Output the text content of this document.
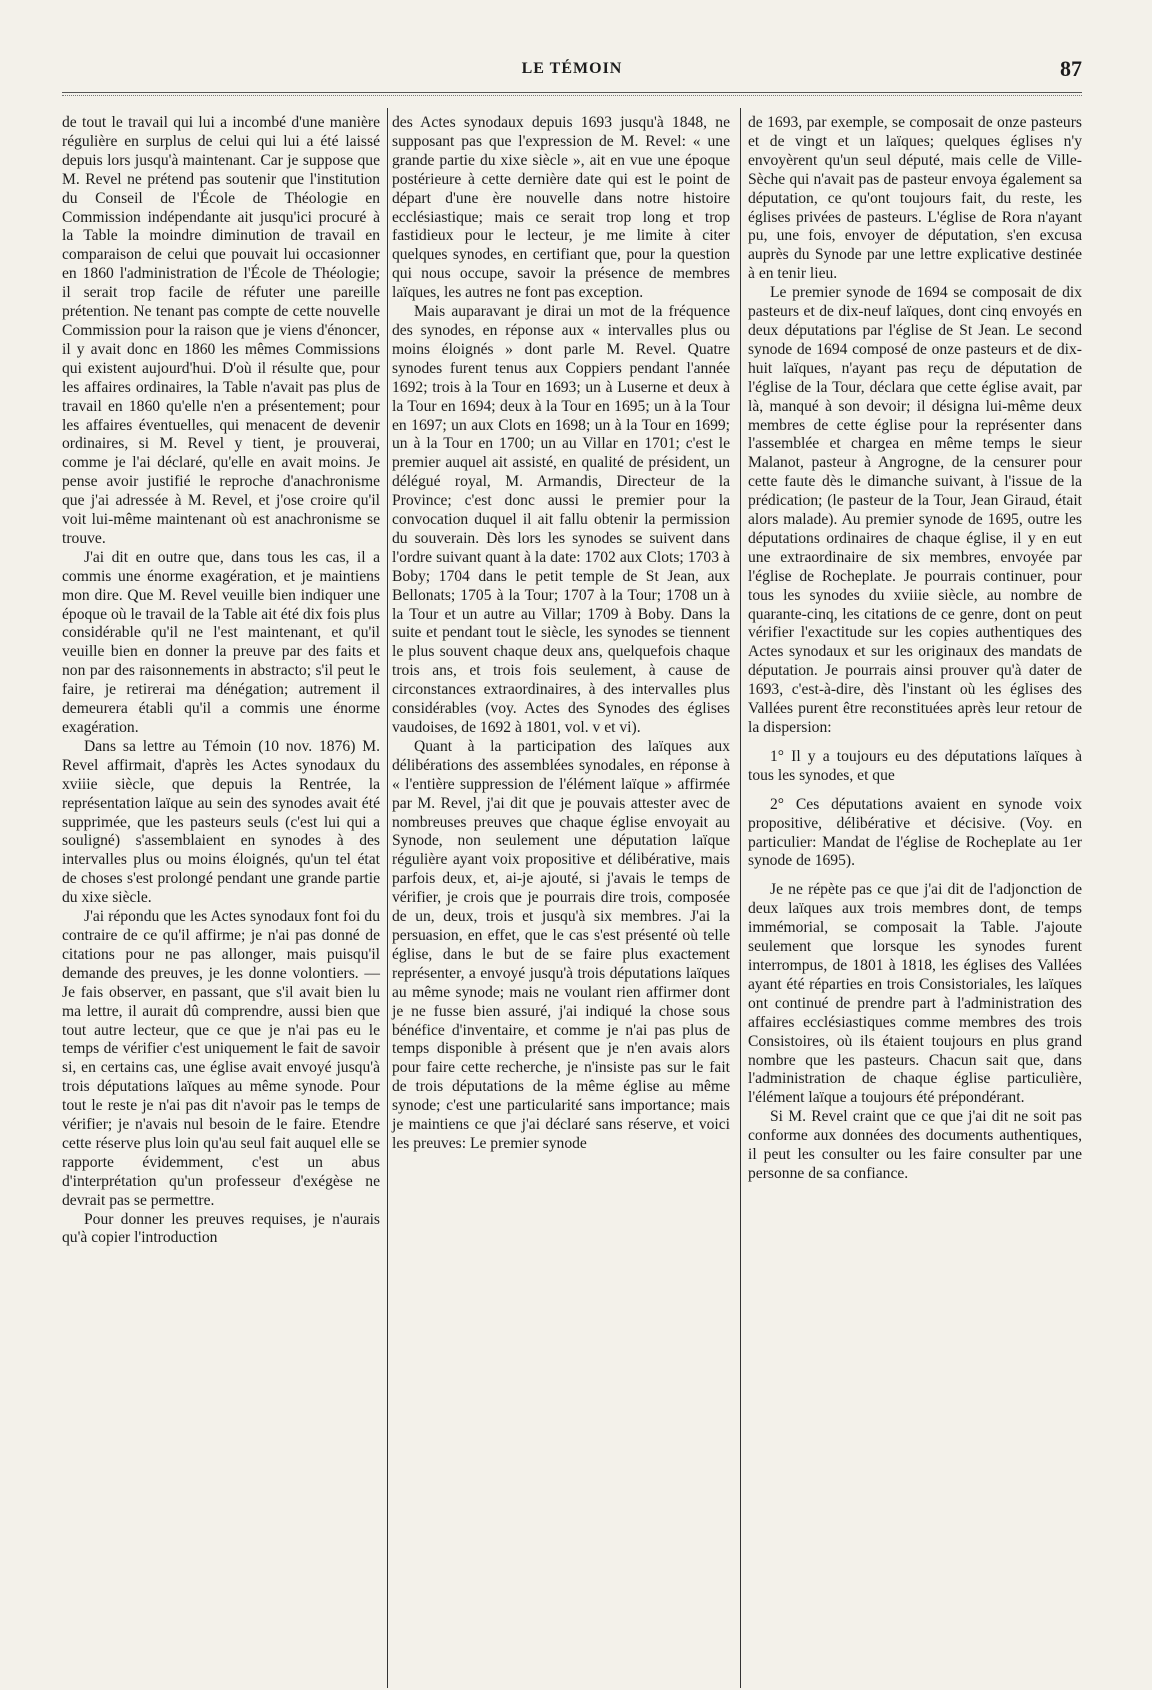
LE TÉMOIN	87

de tout le travail qui lui a incombé d'une manière régulière en surplus de celui qui lui a été laissé depuis lors jusqu'à maintenant. Car je suppose que M. Revel ne prétend pas soutenir que l'institution du Conseil de l'École de Théologie en Commission indépendante ait jusqu'ici procuré à la Table la moindre diminution de travail en comparaison de celui que pouvait lui occasionner en 1860 l'administration de l'École de Théologie; il serait trop facile de réfuter une pareille prétention. Ne tenant pas compte de cette nouvelle Commission pour la raison que je viens d'énoncer, il y avait donc en 1860 les mêmes Commissions qui existent aujourd'hui. D'où il résulte que, pour les affaires ordinaires, la Table n'avait pas plus de travail en 1860 qu'elle n'en a présentement; pour les affaires éventuelles, qui menacent de devenir ordinaires, si M. Revel y tient, je prouverai, comme je l'ai déclaré, qu'elle en avait moins. Je pense avoir justifié le reproche d'anachronisme que j'ai adressée à M. Revel, et j'ose croire qu'il voit lui-même maintenant où est anachronisme se trouve.

J'ai dit en outre que, dans tous les cas, il a commis une énorme exagération, et je maintiens mon dire. Que M. Revel veuille bien indiquer une époque où le travail de la Table ait été dix fois plus considérable qu'il ne l'est maintenant, et qu'il veuille bien en donner la preuve par des faits et non par des raisonnements in abstracto; s'il peut le faire, je retirerai ma dénégation; autrement il demeurera établi qu'il a commis une énorme exagération.

Dans sa lettre au Témoin (10 nov. 1876) M. Revel affirmait, d'après les Actes synodaux du xviiie siècle, que depuis la Rentrée, la représentation laïque au sein des synodes avait été supprimée, que les pasteurs seuls (c'est lui qui a souligné) s'assemblaient en synodes à des intervalles plus ou moins éloignés, qu'un tel état de choses s'est prolongé pendant une grande partie du xixe siècle.

J'ai répondu que les Actes synodaux font foi du contraire de ce qu'il affirme; je n'ai pas donné de citations pour ne pas allonger, mais puisqu'il demande des preuves, je les donne volontiers. — Je fais observer, en passant, que s'il avait bien lu ma lettre, il aurait dû comprendre, aussi bien que tout autre lecteur, que ce que je n'ai pas eu le temps de vérifier c'est uniquement le fait de savoir si, en certains cas, une église avait envoyé jusqu'à trois députations laïques au même synode. Pour tout le reste je n'ai pas dit n'avoir pas le temps de vérifier; je n'avais nul besoin de le faire. Etendre cette réserve plus loin qu'au seul fait auquel elle se rapporte évidemment, c'est un abus d'interprétation qu'un professeur d'exégèse ne devrait pas se permettre.

Pour donner les preuves requises, je n'aurais qu'à copier l'introduction

des Actes synodaux depuis 1693 jusqu'à 1848, ne supposant pas que l'expression de M. Revel: « une grande partie du xixe siècle », ait en vue une époque postérieure à cette dernière date qui est le point de départ d'une ère nouvelle dans notre histoire ecclésiastique; mais ce serait trop long et trop fastidieux pour le lecteur, je me limite à citer quelques synodes, en certifiant que, pour la question qui nous occupe, savoir la présence de membres laïques, les autres ne font pas exception.

Mais auparavant je dirai un mot de la fréquence des synodes, en réponse aux « intervalles plus ou moins éloignés » dont parle M. Revel. Quatre synodes furent tenus aux Coppiers pendant l'année 1692; trois à la Tour en 1693; un à Luserne et deux à la Tour en 1694; deux à la Tour en 1695; un à la Tour en 1697; un aux Clots en 1698; un à la Tour en 1699; un à la Tour en 1700; un au Villar en 1701; c'est le premier auquel ait assisté, en qualité de président, un délégué royal, M. Armandis, Directeur de la Province; c'est donc aussi le premier pour la convocation duquel il ait fallu obtenir la permission du souverain. Dès lors les synodes se suivent dans l'ordre suivant quant à la date: 1702 aux Clots; 1703 à Boby; 1704 dans le petit temple de St Jean, aux Bellonats; 1705 à la Tour; 1707 à la Tour; 1708 un à la Tour et un autre au Villar; 1709 à Boby. Dans la suite et pendant tout le siècle, les synodes se tiennent le plus souvent chaque deux ans, quelquefois chaque trois ans, et trois fois seulement, à cause de circonstances extraordinaires, à des intervalles plus considérables (voy. Actes des Synodes des églises vaudoises, de 1692 à 1801, vol. v et vi).

Quant à la participation des laïques aux délibérations des assemblées synodales, en réponse à « l'entière suppression de l'élément laïque » affirmée par M. Revel, j'ai dit que je pouvais attester avec de nombreuses preuves que chaque église envoyait au Synode, non seulement une députation laïque régulière ayant voix propositive et délibérative, mais parfois deux, et, ai-je ajouté, si j'avais le temps de vérifier, je crois que je pourrais dire trois, composée de un, deux, trois et jusqu'à six membres. J'ai la persuasion, en effet, que le cas s'est présenté où telle église, dans le but de se faire plus exactement représenter, a envoyé jusqu'à trois députations laïques au même synode; mais ne voulant rien affirmer dont je ne fusse bien assuré, j'ai indiqué la chose sous bénéfice d'inventaire, et comme je n'ai pas plus de temps disponible à présent que je n'en avais alors pour faire cette recherche, je n'insiste pas sur le fait de trois députations de la même église au même synode; c'est une particularité sans importance; mais je maintiens ce que j'ai déclaré sans réserve, et voici les preuves: Le premier synode

de 1693, par exemple, se composait de onze pasteurs et de vingt et un laïques; quelques églises n'y envoyèrent qu'un seul député, mais celle de Ville-Sèche qui n'avait pas de pasteur envoya également sa députation, ce qu'ont toujours fait, du reste, les églises privées de pasteurs. L'église de Rora n'ayant pu, une fois, envoyer de députation, s'en excusa auprès du Synode par une lettre explicative destinée à en tenir lieu.

Le premier synode de 1694 se composait de dix pasteurs et de dix-neuf laïques, dont cinq envoyés en deux députations par l'église de St Jean. Le second synode de 1694 composé de onze pasteurs et de dix-huit laïques, n'ayant pas reçu de députation de l'église de la Tour, déclara que cette église avait, par là, manqué à son devoir; il désigna lui-même deux membres de cette église pour la représenter dans l'assemblée et chargea en même temps le sieur Malanot, pasteur à Angrogne, de la censurer pour cette faute dès le dimanche suivant, à l'issue de la prédication; (le pasteur de la Tour, Jean Giraud, était alors malade). Au premier synode de 1695, outre les députations ordinaires de chaque église, il y en eut une extraordinaire de six membres, envoyée par l'église de Rocheplate. Je pourrais continuer, pour tous les synodes du xviiie siècle, au nombre de quarante-cinq, les citations de ce genre, dont on peut vérifier l'exactitude sur les copies authentiques des Actes synodaux et sur les originaux des mandats de députation. Je pourrais ainsi prouver qu'à dater de 1693, c'est-à-dire, dès l'instant où les églises des Vallées purent être reconstituées après leur retour de la dispersion:

1° Il y a toujours eu des députations laïques à tous les synodes, et que

2° Ces députations avaient en synode voix propositive, délibérative et décisive. (Voy. en particulier: Mandat de l'église de Rocheplate au 1er synode de 1695).

Je ne répète pas ce que j'ai dit de l'adjonction de deux laïques aux trois membres dont, de temps immémorial, se composait la Table. J'ajoute seulement que lorsque les synodes furent interrompus, de 1801 à 1818, les églises des Vallées ayant été réparties en trois Consistoriales, les laïques ont continué de prendre part à l'administration des affaires ecclésiastiques comme membres des trois Consistoires, où ils étaient toujours en plus grand nombre que les pasteurs. Chacun sait que, dans l'administration de chaque église particulière, l'élément laïque a toujours été prépondérant.

Si M. Revel craint que ce que j'ai dit ne soit pas conforme aux données des documents authentiques, il peut les consulter ou les faire consulter par une personne de sa confiance.
